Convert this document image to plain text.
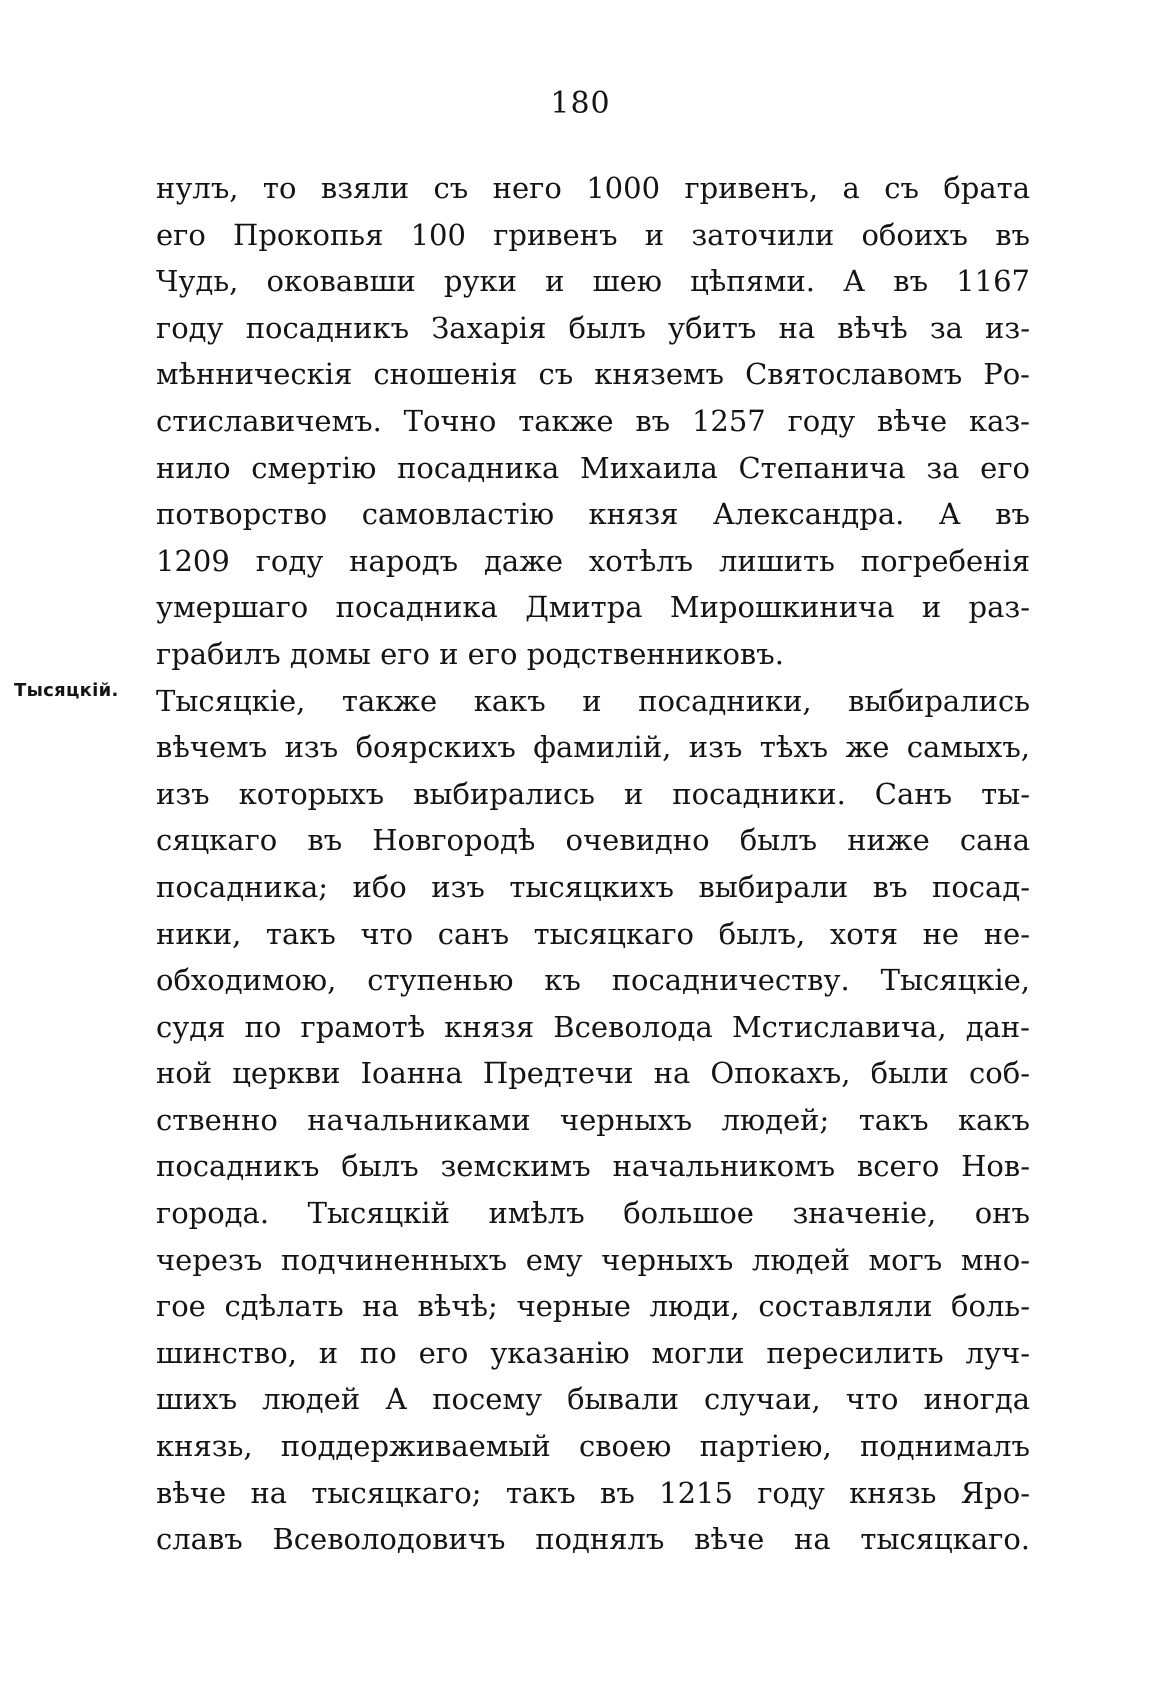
180
Тысяцкій.
нулъ, то взяли съ него 1000 гривенъ, а съ брата
его Прокопья 100 гривенъ и заточили обоихъ въ
Чудь, оковавши руки и шею цѣпями. А въ 1167
году посадникъ Захарія былъ убитъ на вѣчѣ за из-
мѣнническія сношенія съ княземъ Святославомъ Ро-
стиславичемъ. Точно также въ 1257 году вѣче каз-
нило смертію посадника Михаила Степанича за его
потворство самовластію князя Александра. А въ
1209 году народъ даже хотѣлъ лишить погребенія
умершаго посадника Дмитра Мирошкинича и раз-
грабилъ домы его и его родственниковъ.
Тысяцкіе, также какъ и посадники, выбирались
вѣчемъ изъ боярскихъ фамилій, изъ тѣхъ же самыхъ,
изъ которыхъ выбирались и посадники. Санъ ты-
сяцкаго въ Новгородѣ очевидно былъ ниже сана
посадника; ибо изъ тысяцкихъ выбирали въ посад-
ники, такъ что санъ тысяцкаго былъ, хотя не не-
обходимою, ступенью къ посадничеству. Тысяцкіе,
судя по грамотѣ князя Всеволода Мстиславича, дан-
ной церкви Іоанна Предтечи на Опокахъ, были соб-
ственно начальниками черныхъ людей; такъ какъ
посадникъ былъ земскимъ начальникомъ всего Нов-
города. Тысяцкій имѣлъ большое значеніе, онъ
черезъ подчиненныхъ ему черныхъ людей могъ мно-
гое сдѣлать на вѣчѣ; черные люди, составляли боль-
шинство, и по его указанію могли пересилить луч-
шихъ людей А посему бывали случаи, что иногда
князь, поддерживаемый своею партіею, поднималъ
вѣче на тысяцкаго; такъ въ 1215 году князь Яро-
славъ Всеволодовичъ поднялъ вѣче на тысяцкаго.
